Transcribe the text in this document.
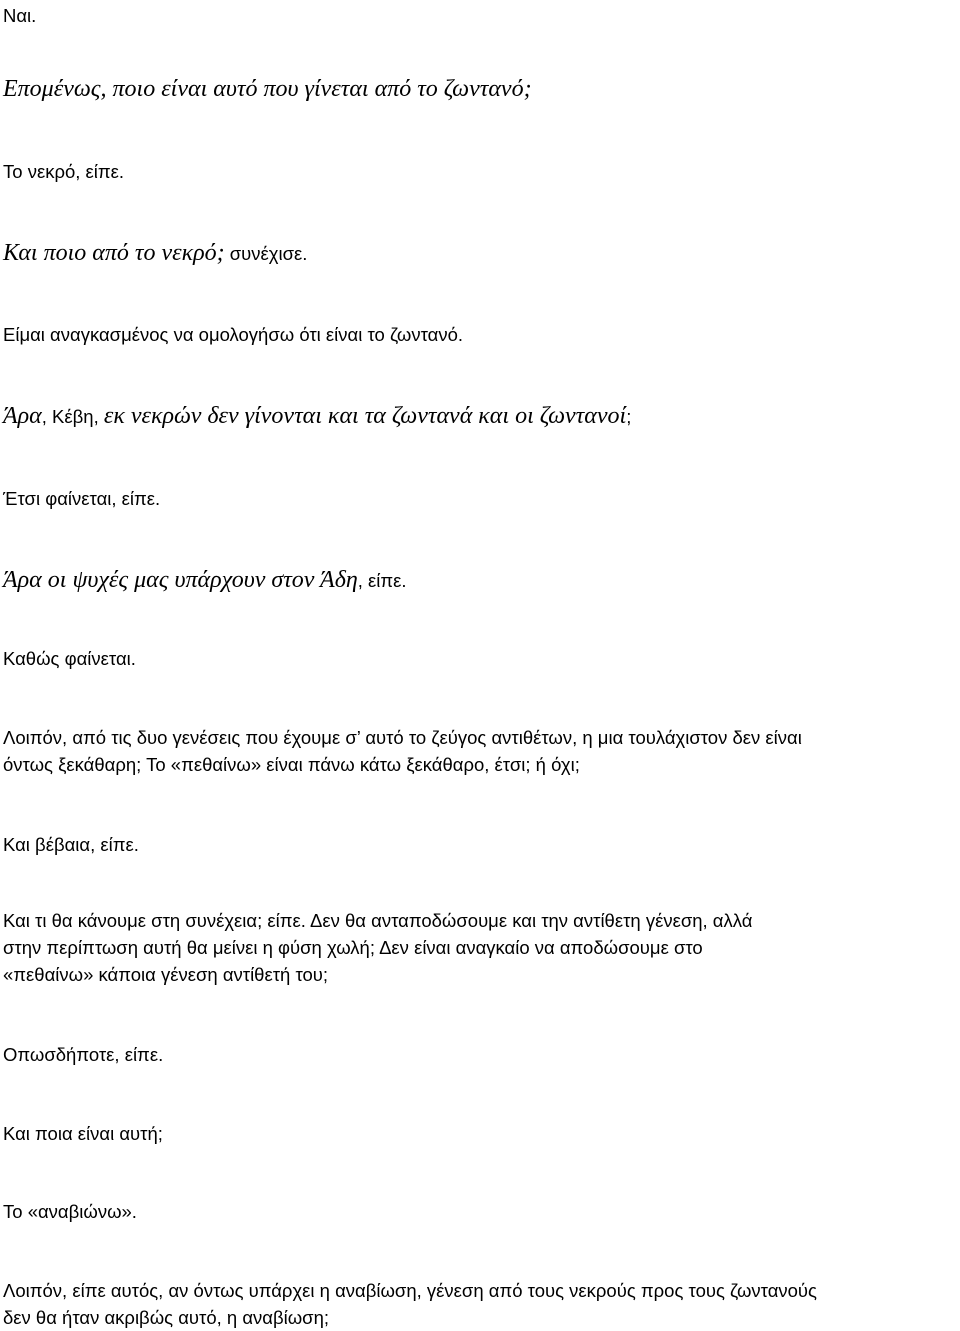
Ναι.
Επομένως, ποιο είναι αυτό που γίνεται από το ζωντανό;
Το νεκρό, είπε.
Και ποιο από το νεκρό; συνέχισε.
Είμαι αναγκασμένος να ομολογήσω ότι είναι το ζωντανό.
Άρα, Κέβη, εκ νεκρών δεν γίνονται και τα ζωντανά και οι ζωντανοί;
Έτσι φαίνεται, είπε.
Άρα οι ψυχές μας υπάρχουν στον Άδη, είπε.
Καθώς φαίνεται.
Λοιπόν, από τις δυο γενέσεις που έχουμε σ’ αυτό το ζεύγος αντιθέτων, η μια τουλάχιστον δεν είναι
όντως ξεκάθαρη; Το «πεθαίνω» είναι πάνω κάτω ξεκάθαρο, έτσι; ή όχι;
Και βέβαια, είπε.
Και τι θα κάνουμε στη συνέχεια; είπε. Δεν θα ανταποδώσουμε και την αντίθετη γένεση, αλλά
στην περίπτωση αυτή θα μείνει η φύση χωλή; Δεν είναι αναγκαίο να αποδώσουμε στο
«πεθαίνω» κάποια γένεση αντίθετή του;
Οπωσδήποτε, είπε.
Και ποια είναι αυτή;
Το «αναβιώνω».
Λοιπόν, είπε αυτός, αν όντως υπάρχει η αναβίωση, γένεση από τους νεκρούς προς τους ζωντανούς
δεν θα ήταν ακριβώς αυτό, η αναβίωση;
